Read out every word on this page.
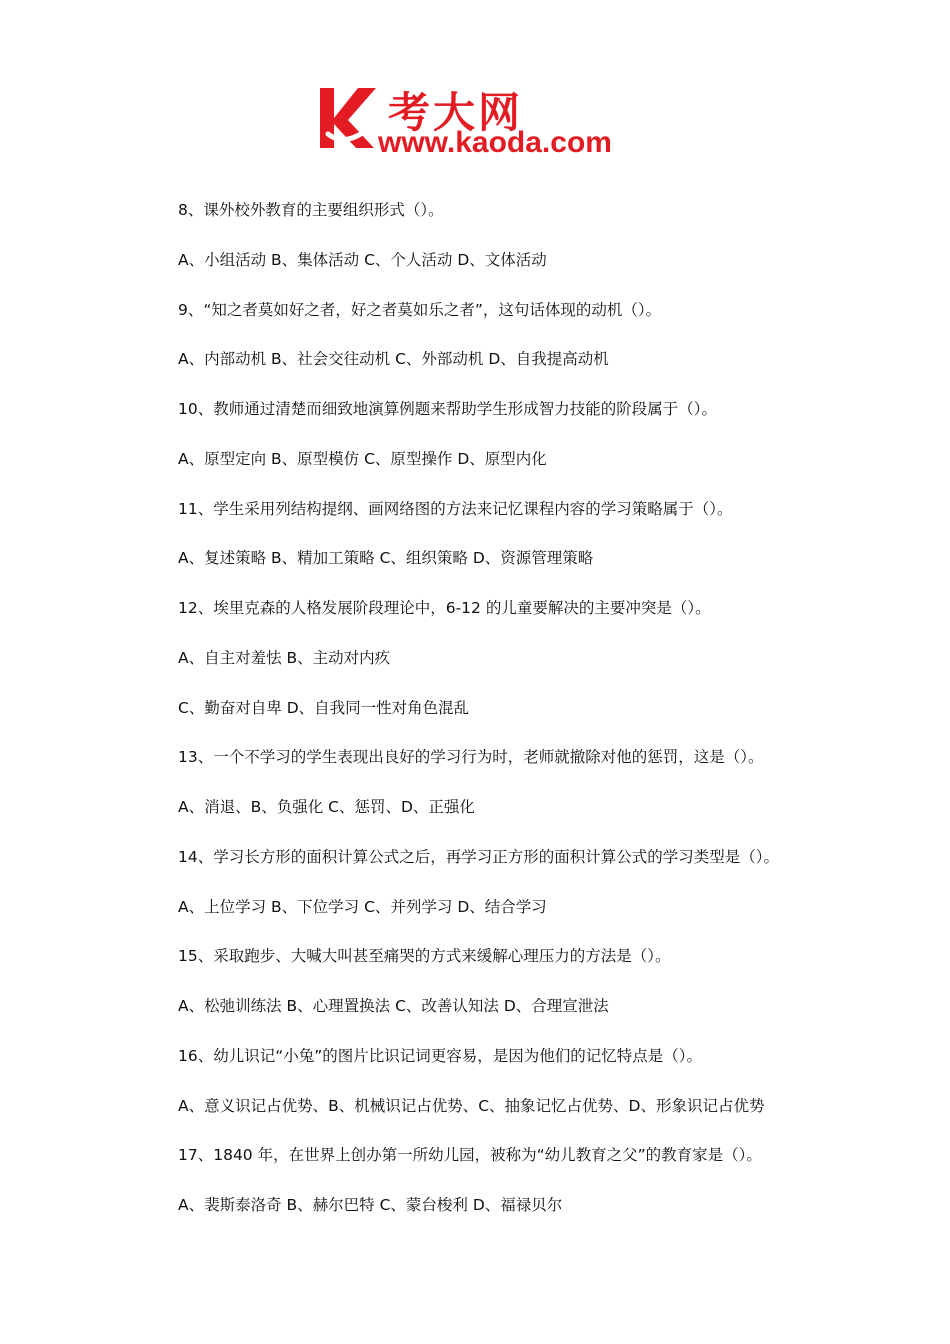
考大网
www.kaoda.com
8、课外校外教育的主要组织形式（）。
A、小组活动 B、集体活动 C、个人活动 D、文体活动
9、“知之者莫如好之者，好之者莫如乐之者”，这句话体现的动机（）。
A、内部动机 B、社会交往动机 C、外部动机 D、自我提高动机
10、教师通过清楚而细致地演算例题来帮助学生形成智力技能的阶段属于（）。
A、原型定向 B、原型模仿 C、原型操作 D、原型内化
11、学生采用列结构提纲、画网络图的方法来记忆课程内容的学习策略属于（）。
A、复述策略 B、精加工策略 C、组织策略 D、资源管理策略
12、埃里克森的人格发展阶段理论中，6-12 的儿童要解决的主要冲突是（）。
A、自主对羞怯 B、主动对内疚
C、勤奋对自卑 D、自我同一性对角色混乱
13、一个不学习的学生表现出良好的学习行为时，老师就撤除对他的惩罚，这是（）。
A、消退、B、负强化 C、惩罚、D、正强化
14、学习长方形的面积计算公式之后，再学习正方形的面积计算公式的学习类型是（）。
A、上位学习 B、下位学习 C、并列学习 D、结合学习
15、采取跑步、大喊大叫甚至痛哭的方式来缓解心理压力的方法是（）。
A、松弛训练法 B、心理置换法 C、改善认知法 D、合理宣泄法
16、幼儿识记“小兔”的图片比识记词更容易，是因为他们的记忆特点是（）。
A、意义识记占优势、B、机械识记占优势、C、抽象记忆占优势、D、形象识记占优势
17、1840 年，在世界上创办第一所幼儿园，被称为“幼儿教育之父”的教育家是（）。
A、裴斯泰洛奇 B、赫尔巴特 C、蒙台梭利 D、福禄贝尔
